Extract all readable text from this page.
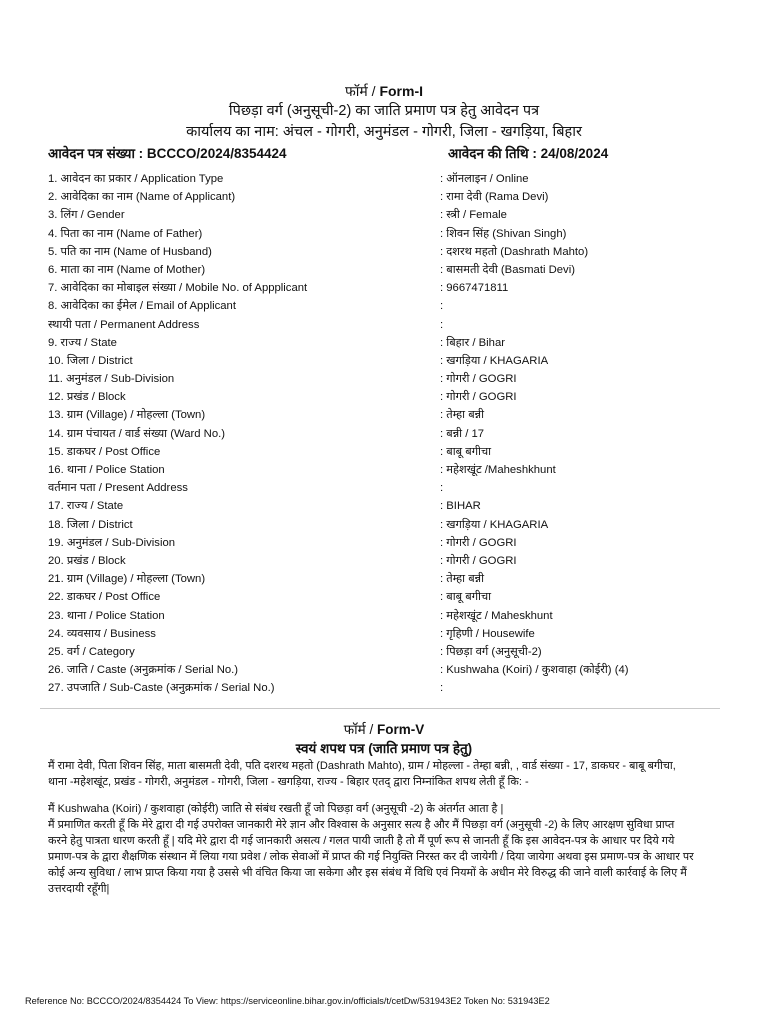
फॉर्म / Form-I
पिछड़ा वर्ग (अनुसूची-2) का जाति प्रमाण पत्र हेतु आवेदन पत्र
कार्यालय का नाम: अंचल - गोगरी, अनुमंडल - गोगरी, जिला - खगड़िया, बिहार
आवेदन पत्र संख्या : BCCCO/2024/8354424	आवेदन की तिथि : 24/08/2024
1. आवेदन का प्रकार / Application Type	: ऑनलाइन / Online
2. आवेदिका का नाम (Name of Applicant)	: रामा देवी (Rama Devi)
3. लिंग / Gender	: स्त्री / Female
4. पिता का नाम (Name of Father)	: शिवन सिंह (Shivan Singh)
5. पति का नाम (Name of Husband)	: दशरथ महतो (Dashrath Mahto)
6. माता का नाम (Name of Mother)	: बासमती देवी (Basmati Devi)
7. आवेदिका का मोबाइल संख्या / Mobile No. of Appplicant	: 9667471811
8. आवेदिका का ईमेल / Email of Applicant	:
स्थायी पता / Permanent Address	:
9. राज्य / State	: बिहार / Bihar
10. जिला / District	: खगड़िया / KHAGARIA
11. अनुमंडल / Sub-Division	: गोगरी / GOGRI
12. प्रखंड / Block	: गोगरी / GOGRI
13. ग्राम (Village) / मोहल्ला (Town)	: तेम्हा बन्नी
14. ग्राम पंचायत / वार्ड संख्या (Ward No.)	: बन्नी / 17
15. डाकघर / Post Office	: बाबू बगीचा
16. थाना / Police Station	: महेशखूंट /Maheshkhunt
वर्तमान पता / Present Address	:
17. राज्य / State	: BIHAR
18. जिला / District	: खगड़िया / KHAGARIA
19. अनुमंडल / Sub-Division	: गोगरी / GOGRI
20. प्रखंड / Block	: गोगरी / GOGRI
21. ग्राम (Village) / मोहल्ला (Town)	: तेम्हा बन्नी
22. डाकघर / Post Office	: बाबू बगीचा
23. थाना / Police Station	: महेशखूंट / Maheskhunt
24. व्यवसाय / Business	: गृहिणी / Housewife
25. वर्ग / Category	: पिछड़ा वर्ग (अनुसूची-2)
26. जाति / Caste (अनुक्रमांक / Serial No.)	: Kushwaha (Koiri) / कुशवाहा (कोईरी) (4)
27. उपजाति / Sub-Caste (अनुक्रमांक / Serial No.)	:
फॉर्म / Form-V
स्वयं शपथ पत्र (जाति प्रमाण पत्र हेतु)
मैं रामा देवी, पिता शिवन सिंह, माता बासमती देवी, पति दशरथ महतो (Dashrath Mahto), ग्राम / मोहल्ला - तेम्हा बन्नी, , वार्ड संख्या - 17, डाकघर - बाबू बगीचा,
थाना -महेशखूंट, प्रखंड - गोगरी, अनुमंडल - गोगरी, जिला - खगड़िया, राज्य - बिहार एतद् द्वारा निम्नांकित शपथ लेती हूँ कि: -
मैं Kushwaha (Koiri) / कुशवाहा (कोईरी) जाति से संबंध रखती हूँ जो पिछड़ा वर्ग (अनुसूची -2) के अंतर्गत आता है |
मैं प्रमाणित करती हूँ कि मेरे द्वारा दी गई उपरोक्त जानकारी मेरे ज्ञान और विश्वास के अनुसार सत्य है और मैं पिछड़ा वर्ग (अनुसूची -2) के लिए आरक्षण सुविधा प्राप्त
करने हेतु पात्रता धारण करती हूँ | यदि मेरे द्वारा दी गई जानकारी असत्य / गलत पायी जाती है तो मैं पूर्ण रूप से जानती हूँ कि इस आवेदन-पत्र के आधार पर दिये गये
प्रमाण-पत्र के द्वारा शैक्षणिक संस्थान में लिया गया प्रवेश / लोक सेवाओं में प्राप्त की गई नियुक्ति निरस्त कर दी जायेगी / दिया जायेगा अथवा इस प्रमाण-पत्र के आधार पर
कोई अन्य सुविधा / लाभ प्राप्त किया गया है उससे भी वंचित किया जा सकेगा और इस संबंध में विधि एवं नियमों के अधीन मेरे विरुद्ध की जाने वाली कार्रवाई के लिए मैं
उत्तरदायी रहूँगी|
Reference No: BCCCO/2024/8354424 To View: https://serviceonline.bihar.gov.in/officials/t/cetDw/531943E2 Token No: 531943E2
